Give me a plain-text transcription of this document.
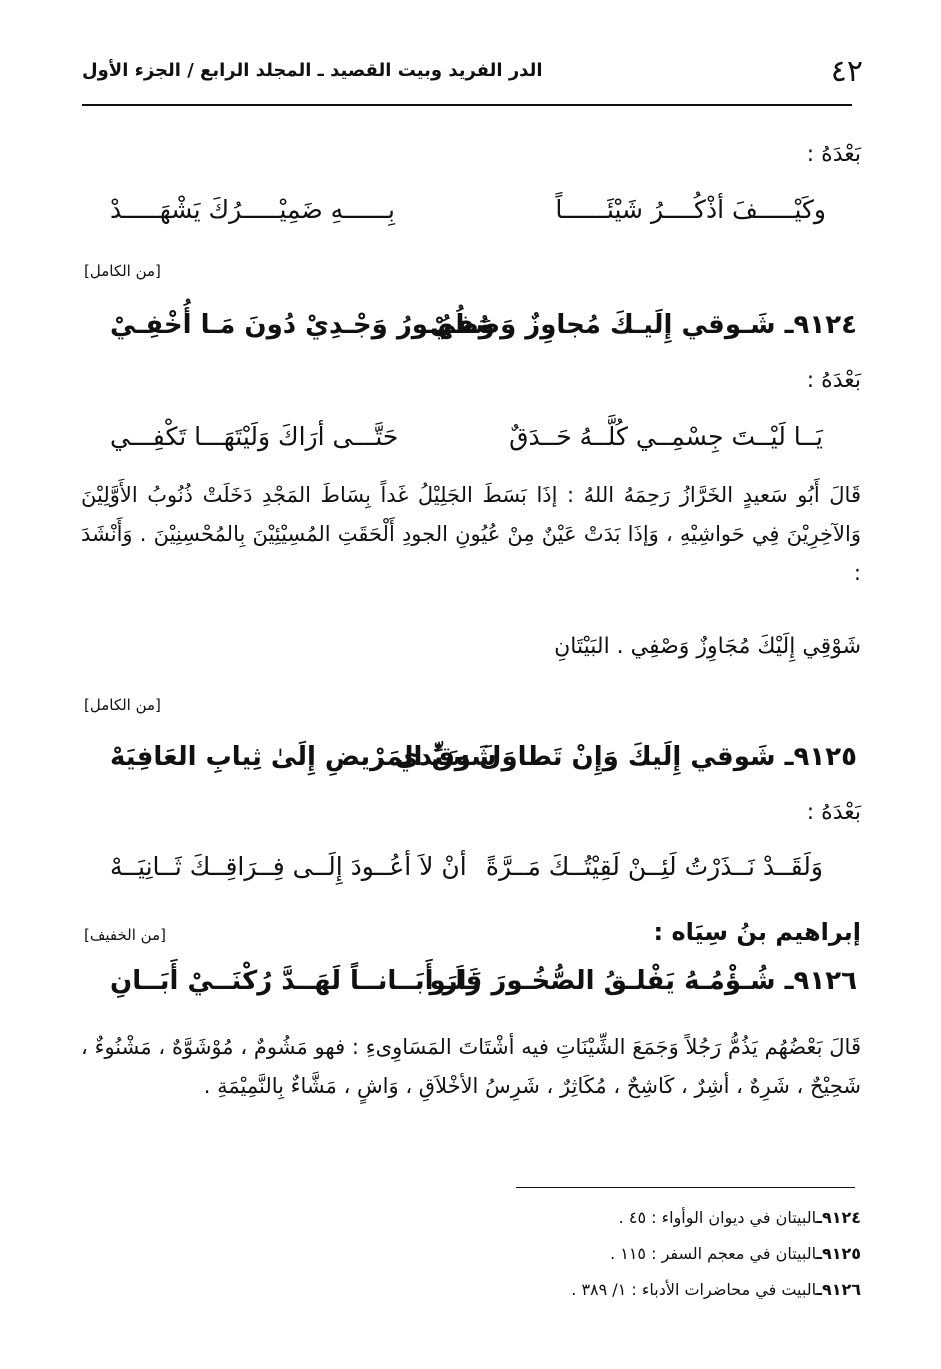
٤٢
الدر الفريد وبيت القصيد ـ المجلد الرابع / الجزء الأول
بَعْدَهُ :
وكَيْـــــفَ أذْكُــــرُ شَيْئَــــــاً
بِــــــهِ ضَمِيْـــــرُكَ يَشْهَـــــدْ
[من الكامل]
٩١٢٤ـ شَـوقي إِلَيـكَ مُجاوِزٌ وَصُفيْ
وَظُهُـورُ وَجْـدِيْ دُونَ مَـا أُخْفِـيْ
بَعْدَهُ :
يَــا لَيْــتَ جِسْمِــي كُلَّــهُ حَــدَقٌ
حَتَّـــى أرَاكَ وَلَيْتَهَـــا تَكْفِـــي
قَالَ أَبُو سَعيدٍ الخَرَّازُ رَحِمَهُ اللهُ : إذَا بَسَطَ الجَلِيْلُ غَداً بِسَاطَ المَجْدِ دَخَلَتْ ذُنُوبُ الأَوَّلِيْنَ وَالآخِرِيْنَ فِي حَواشِيْهِ ، وَإذَا بَدَتْ عَيْنٌ مِنْ عُيُونِ الجودِ أَلْحَقَتِ المُسِيْئِيْنَ بِالمُحْسِنِيْنَ . وَأَنْشَدَ :
شَوْقِي إِلَيْكَ مُجَاوِزٌ وَصْفِي . البَيْتَانِ
[من الكامل]
٩١٢٥ـ شَوقي إِلَيكَ وَإِنْ تَطاوَلَ سَيِّدي
شَوقُ المَرْيضِ إِلَىٰ ثِيابِ العَافِيَهْ
بَعْدَهُ :
وَلَقَــدْ نَــذَرْتُ لَئِــنْ لَقِيْتُــكَ مَــرَّةً
أنْ لاَ أعُــودَ إِلَــى فِــرَاقِــكَ ثَــانِيَــهْ
إبراهيم بنُ سِيَاه :
[من الخفيف]
٩١٢٦ـ شُـؤْمُـهُ يَفْلـقُ الصُّخُـورَ فَلَـو
زَارَ أَبَــانــاً لَهَــدَّ رُكْنَــيْ أَبَــانِ
قَالَ بَعْضُهُم يَذُمُّ رَجُلاً وَجَمَعَ الشِّيْنَاتِ فيه أشْتَاتَ المَسَاوِىءِ : فهو مَشُومٌ ، مُوْشَوَّهٌ ، مَشْنُوءٌ ، شَحِيْحٌ ، شَرِهٌ ، أشِرٌ ، كَاشِحٌ ، مُكَاثِرٌ ، شَرِسُ الأخْلاَقِ ، وَاشٍ ، مَشَّاءٌ بِالنَّمِيْمَةِ .
٩١٢٤ـالبيتان في ديوان الوأواء : ٤٥ .
٩١٢٥ـالبيتان في معجم السفر : ١١٥ .
٩١٢٦ـالبيت في محاضرات الأدباء : ١/ ٣٨٩ .
